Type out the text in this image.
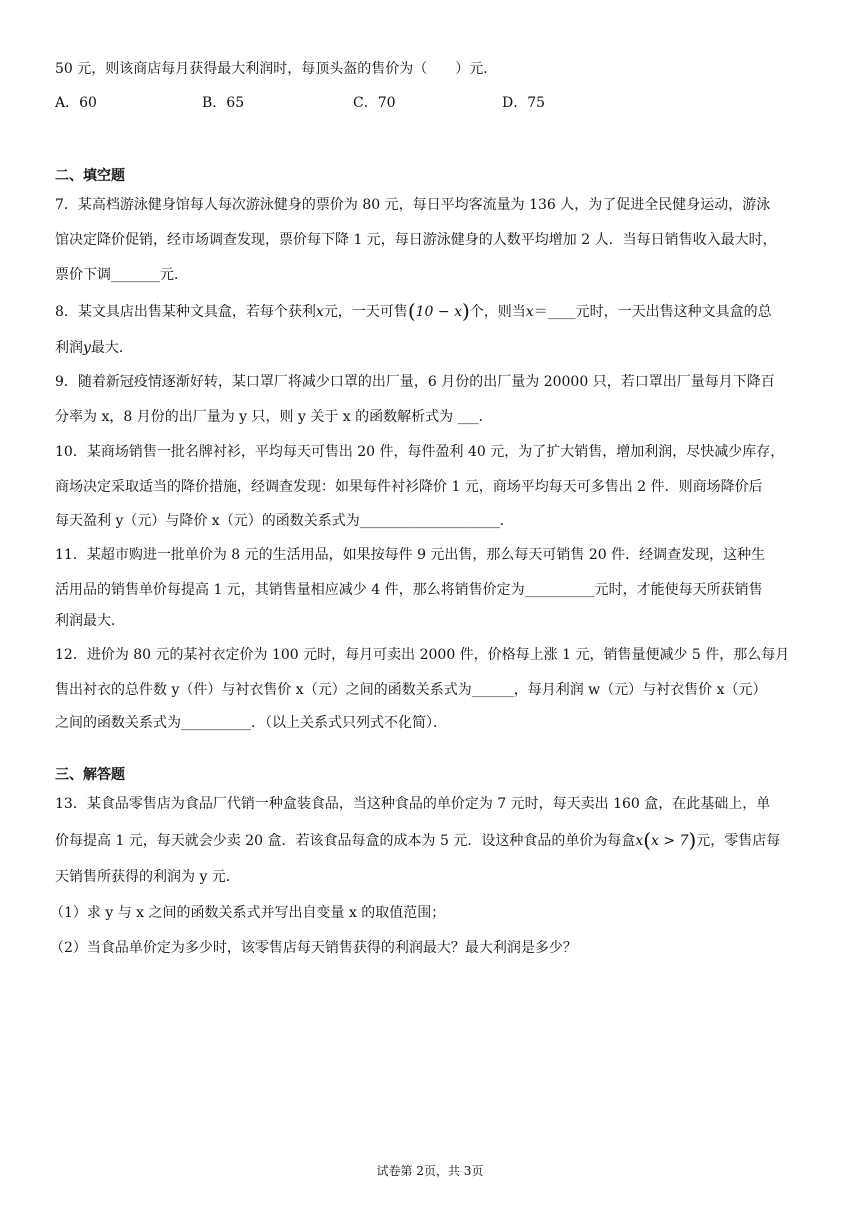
50 元，则该商店每月获得最大利润时，每顶头盔的售价为（　　）元．
A．60	B．65	C．70	D．75
二、填空题
7．某高档游泳健身馆每人每次游泳健身的票价为 80 元，每日平均客流量为 136 人，为了促进全民健身运动，游泳
馆决定降价促销，经市场调查发现，票价每下降 1 元，每日游泳健身的人数平均增加 2 人．当每日销售收入最大时，
票价下调_______元．
8．某文具店出售某种文具盒，若每个获利x元，一天可售(10 − x)个，则当x＝____元时，一天出售这种文具盒的总
利润y最大．
9．随着新冠疫情逐渐好转，某口罩厂将减少口罩的出厂量，6 月份的出厂量为 20000 只，若口罩出厂量每月下降百
分率为 x，8 月份的出厂量为 y 只，则 y 关于 x 的函数解析式为 ___．
10．某商场销售一批名牌衬衫，平均每天可售出 20 件，每件盈利 40 元，为了扩大销售，增加利润，尽快减少库存，
商场决定采取适当的降价措施，经调查发现：如果每件衬衫降价 1 元，商场平均每天可多售出 2 件．则商场降价后
每天盈利 y（元）与降价 x（元）的函数关系式为____________________．
11．某超市购进一批单价为 8 元的生活用品，如果按每件 9 元出售，那么每天可销售 20 件．经调查发现，这种生
活用品的销售单价每提高 1 元，其销售量相应减少 4 件，那么将销售价定为__________元时，才能使每天所获销售
利润最大．
12．进价为 80 元的某衬衣定价为 100 元时，每月可卖出 2000 件，价格每上涨 1 元，销售量便减少 5 件，那么每月
售出衬衣的总件数 y（件）与衬衣售价 x（元）之间的函数关系式为______，每月利润 w（元）与衬衣售价 x（元）
之间的函数关系式为__________．（以上关系式只列式不化简）．
三、解答题
13．某食品零售店为食品厂代销一种盒装食品，当这种食品的单价定为 7 元时，每天卖出 160 盒，在此基础上，单
价每提高 1 元，每天就会少卖 20 盒．若该食品每盒的成本为 5 元．设这种食品的单价为每盒x(x > 7)元，零售店每
天销售所获得的利润为 y 元．
（1）求 y 与 x 之间的函数关系式并写出自变量 x 的取值范围；
（2）当食品单价定为多少时，该零售店每天销售获得的利润最大？最大利润是多少？
试卷第 2页，共 3页
